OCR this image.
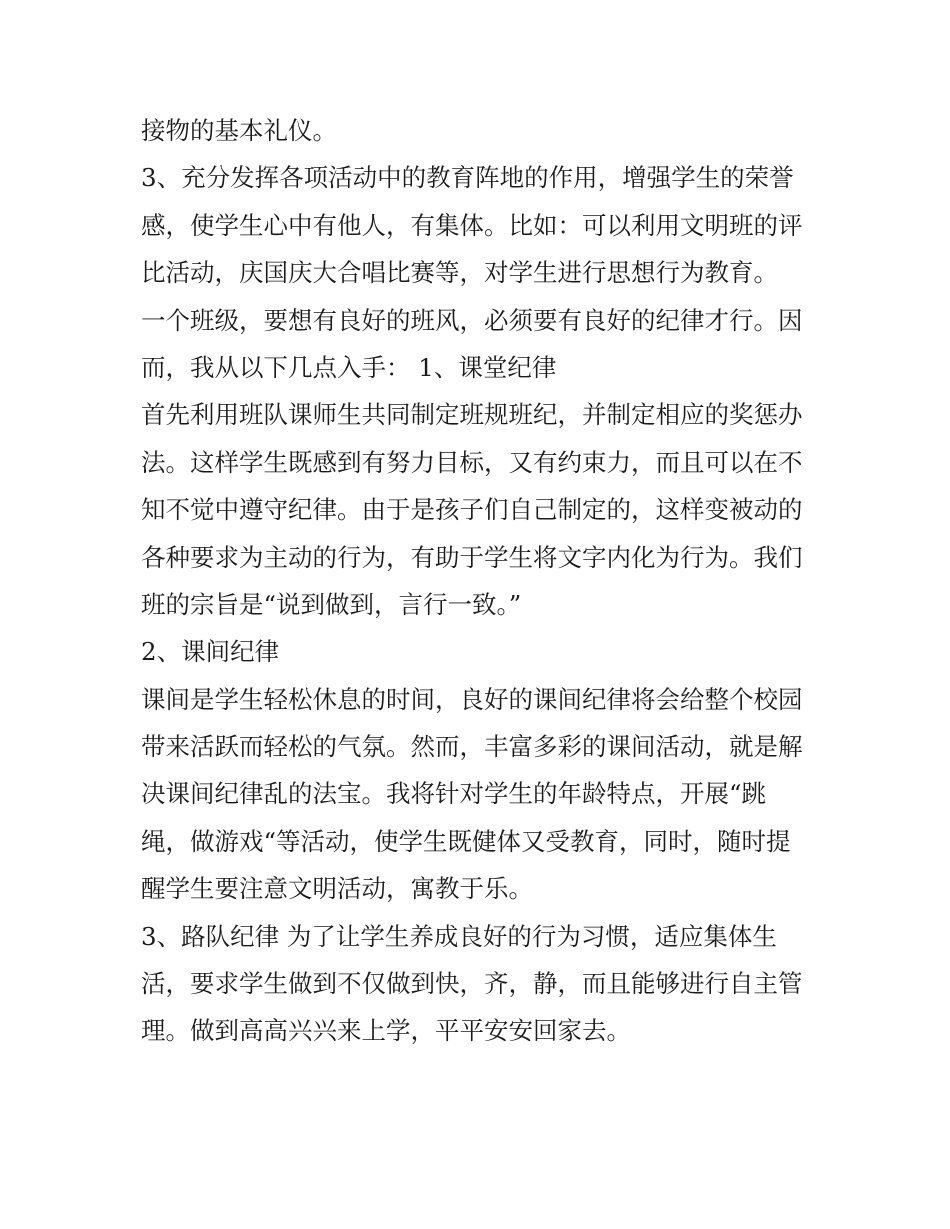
接物的基本礼仪。
3、充分发挥各项活动中的教育阵地的作用，增强学生的荣誉
感，使学生心中有他人，有集体。比如：可以利用文明班的评
比活动，庆国庆大合唱比赛等，对学生进行思想行为教育。
一个班级，要想有良好的班风，必须要有良好的纪律才行。因
而，我从以下几点入手： 1、课堂纪律
首先利用班队课师生共同制定班规班纪，并制定相应的奖惩办
法。这样学生既感到有努力目标，又有约束力，而且可以在不
知不觉中遵守纪律。由于是孩子们自己制定的，这样变被动的
各种要求为主动的行为，有助于学生将文字内化为行为。我们
班的宗旨是“说到做到，言行一致。”
2、课间纪律
课间是学生轻松休息的时间，良好的课间纪律将会给整个校园
带来活跃而轻松的气氛。然而，丰富多彩的课间活动，就是解
决课间纪律乱的法宝。我将针对学生的年龄特点，开展“跳
绳，做游戏“等活动，使学生既健体又受教育，同时，随时提
醒学生要注意文明活动，寓教于乐。
3、路队纪律 为了让学生养成良好的行为习惯，适应集体生
活，要求学生做到不仅做到快，齐，静，而且能够进行自主管
理。做到高高兴兴来上学，平平安安回家去。
